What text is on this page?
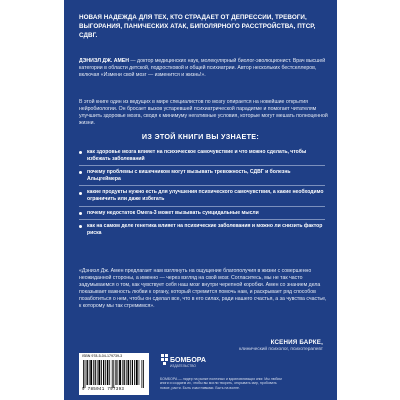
НОВАЯ НАДЕЖДА ДЛЯ ТЕХ, КТО СТРАДАЕТ ОТ ДЕПРЕССИИ, ТРЕВОГИ, ВЫГОРАНИЯ, ПАНИЧЕСКИХ АТАК, БИПОЛЯРНОГО РАССТРОЙСТВА, ПТСР, СДВГ.
ДЭНИЭЛ ДЖ. АМЕН — доктор медицинских наук, молекулярный биолог-эволюционист. Врач высшей категории в области детской, подростковой и общей психиатрии. Автор нескольких бестселлеров, включая «Измени свой мозг — изменится и жизнь!».
В этой книге один из ведущих в мире специалистов по мозгу опирается на новейшие открытия нейробиологии. Он бросает вызов устаревшей психиатрической парадигме и помогает читателям улучшить здоровье мозга, сводя к минимуму негативные условия, которые могут мешать полноценной жизни.
ИЗ ЭТОЙ КНИГИ ВЫ УЗНАЕТЕ:
как здоровье мозга влияет на психическое самочувствие и что можно сделать, чтобы избежать заболеваний
почему проблемы с кишечником могут вызывать тревожность, СДВГ и болезнь Альцгеймера
какие продукты нужно есть для улучшения психического самочувствия, а какие необходимо ограничить или даже избегать
почему недостаток Омега-3 может вызывать суицидальные мысли
как на самом деле генетика влияет на психические заболевания и можно ли снизить фактор риска
«Дэниэл Дж. Амен предлагает нам взглянуть на ощущение благополучия в жизни с совершенно неожиданной стороны, а именно — через взгляд на свой мозг. Согласитесь, мы не так часто задумываемся о том, как чувствует себя наш мозг внутри черепной коробки. Амен со знанием дела показывает важность любви к органу, который стремится помочь нам, и раскрывает ряд способов позаботиться о нем, чтобы он сделал все, что в его силах, ради нашего счастья, а за чувства счастье, к которому мы так стремимся».
КСЕНИЯ БАРКЕ,
клинический психолог, психотерапевт
ISBN 978-5-04-179739-3
9 785041 797393
БОМБОРА
ИЗДАТЕЛЬСТВО
БОМБОРА — лидер на рынке полезных и вдохновляющих книг. Мы любим книги и создаем их, чтобы вы могли творить, открывать мир, пробовать новое, расти. Быть счастливыми. Быть на волне.
